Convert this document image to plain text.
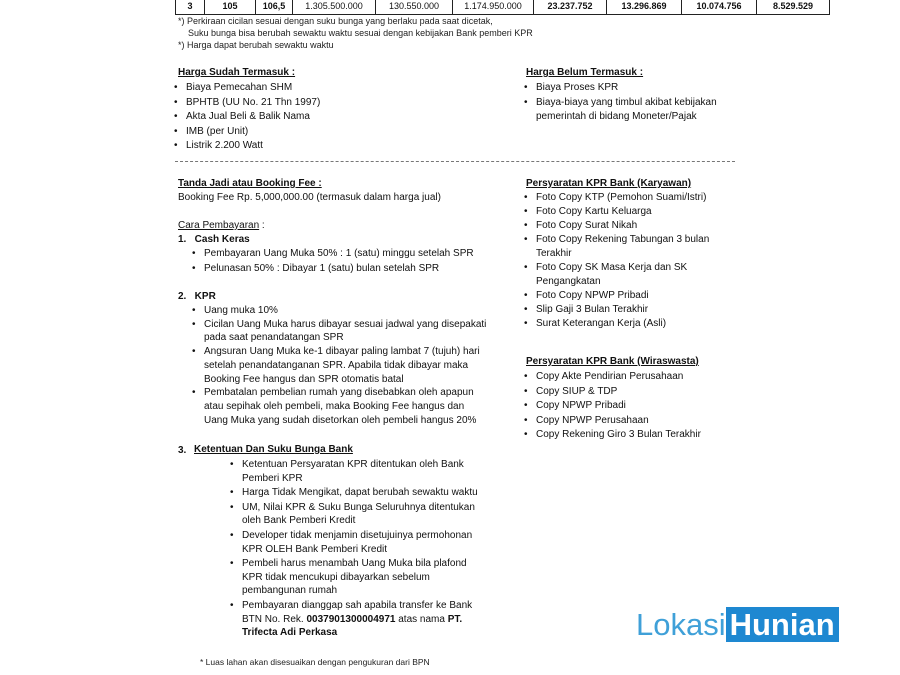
3	105	106,5	1.305.500.000	130.550.000	1.174.950.000	23.237.752	13.296.869	10.074.756	8.529.529
*) Perkiraan cicilan sesuai dengan suku bunga yang berlaku pada saat dicetak,
Suku bunga bisa berubah sewaktu waktu sesuai dengan kebijakan Bank pemberi KPR
*) Harga dapat berubah sewaktu waktu
Harga Sudah Termasuk :
• Biaya Pemecahan SHM
• BPHTB (UU No. 21 Thn 1997)
• Akta Jual Beli & Balik Nama
• IMB (per Unit)
• Listrik 2.200 Watt
Harga Belum Termasuk :
• Biaya Proses KPR
• Biaya-biaya yang timbul akibat kebijakan pemerintah di bidang Moneter/Pajak
Tanda Jadi atau Booking Fee :
Booking Fee Rp. 5,000,000.00 (termasuk dalam harga jual)
Cara Pembayaran :
1.   Cash Keras
• Pembayaran Uang Muka 50% : 1 (satu) minggu setelah SPR
• Pelunasan 50% : Dibayar 1 (satu) bulan setelah SPR
2.   KPR
• Uang muka 10%
• Cicilan Uang Muka harus dibayar sesuai jadwal yang disepakati pada saat penandatangan SPR
• Angsuran Uang Muka ke-1 dibayar paling lambat 7 (tujuh) hari setelah penandatanganan SPR. Apabila tidak dibayar maka Booking Fee hangus dan SPR otomatis batal
• Pembatalan pembelian rumah yang disebabkan oleh apapun atau sepihak oleh pembeli, maka Booking Fee hangus dan Uang Muka yang sudah disetorkan oleh pembeli hangus 20%
3. Ketentuan Dan Suku Bunga Bank
• Ketentuan Persyaratan KPR ditentukan oleh Bank Pemberi KPR
• Harga Tidak Mengikat, dapat berubah sewaktu waktu
• UM, Nilai KPR & Suku Bunga Seluruhnya ditentukan oleh Bank Pemberi Kredit
• Developer tidak menjamin disetujuinya permohonan KPR OLEH Bank Pemberi Kredit
• Pembeli harus menambah Uang Muka bila plafond KPR tidak mencukupi dibayarkan sebelum pembangunan rumah
• Pembayaran dianggap sah apabila transfer ke Bank BTN No. Rek. 0037901300004971 atas nama PT. Trifecta Adi Perkasa
Persyaratan KPR Bank (Karyawan)
• Foto Copy KTP (Pemohon Suami/Istri)
• Foto Copy Kartu Keluarga
• Foto Copy Surat Nikah
• Foto Copy Rekening Tabungan 3 bulan Terakhir
• Foto Copy SK Masa Kerja dan SK Pengangkatan
• Foto Copy NPWP Pribadi
• Slip Gaji 3 Bulan Terakhir
• Surat Keterangan Kerja (Asli)
Persyaratan KPR Bank (Wiraswasta)
• Copy Akte Pendirian Perusahaan
• Copy SIUP & TDP
• Copy NPWP Pribadi
• Copy NPWP Perusahaan
• Copy Rekening Giro 3 Bulan Terakhir
* Luas lahan akan disesuaikan dengan pengukuran dari BPN
Lokasi Hunian
